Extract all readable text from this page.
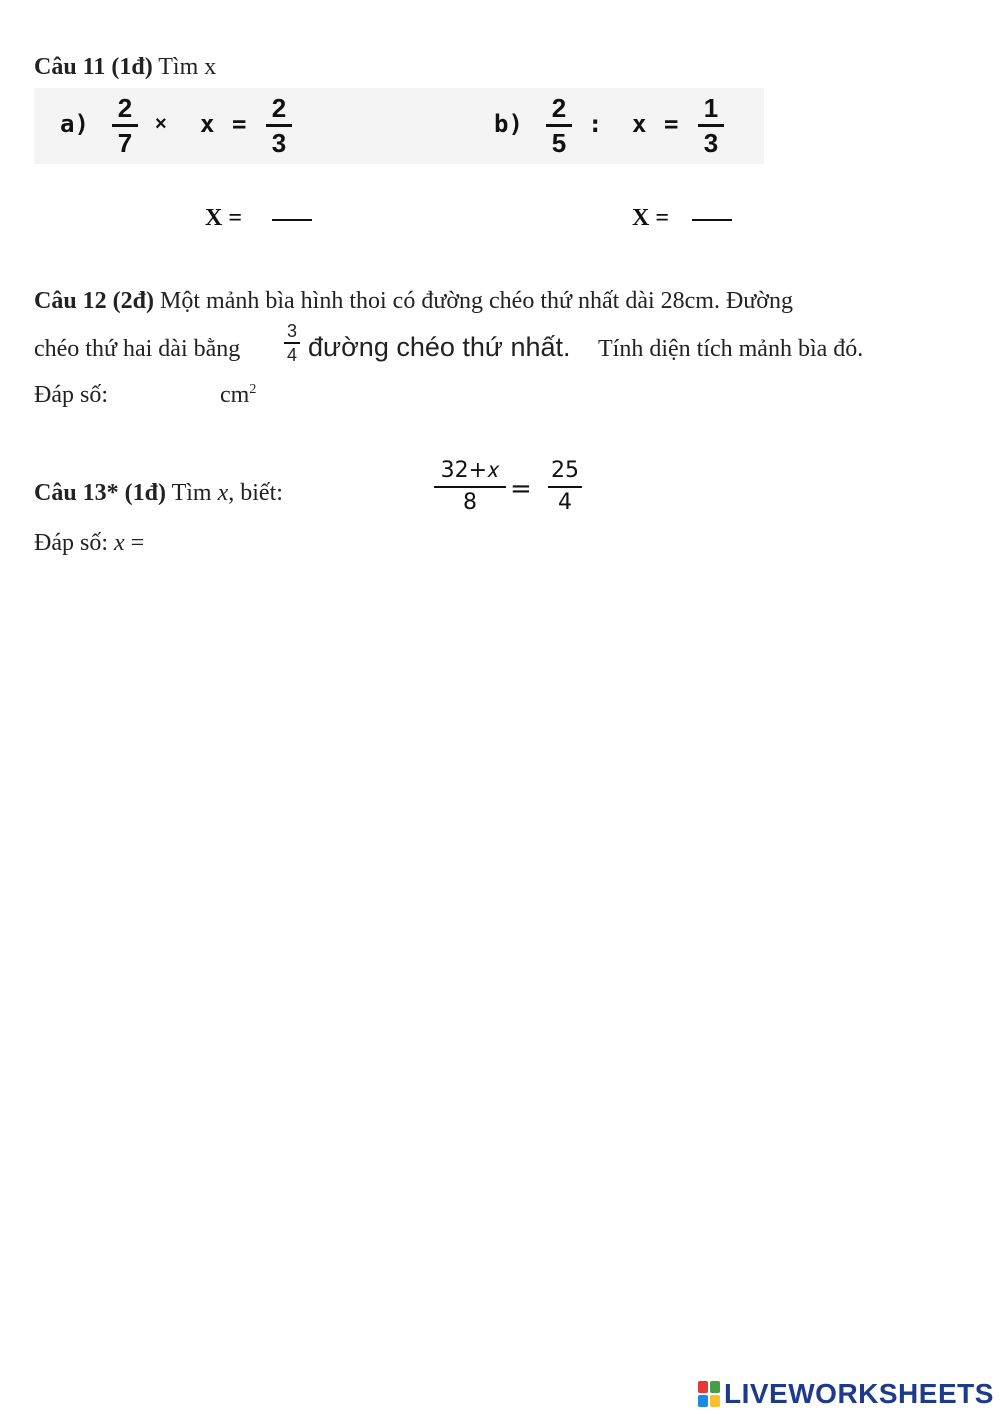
Câu 11 (1đ) Tìm x
a)
2
7
× x =
2
3
b)
2
5
: x =
1
3
X =	X =
Câu 12 (2đ) Một mảnh bìa hình thoi có đường chéo thứ nhất dài 28cm. Đường
chéo thứ hai dài bằng
3
4 đường chéo thứ nhất. Tính diện tích mảnh bìa đó.
Đáp số:	$cm^2$
Câu 13* (1đ) Tìm x, biết:
32+𝑥
8 =
25
4
Đáp số: x =
LIVEWORKSHEETS
